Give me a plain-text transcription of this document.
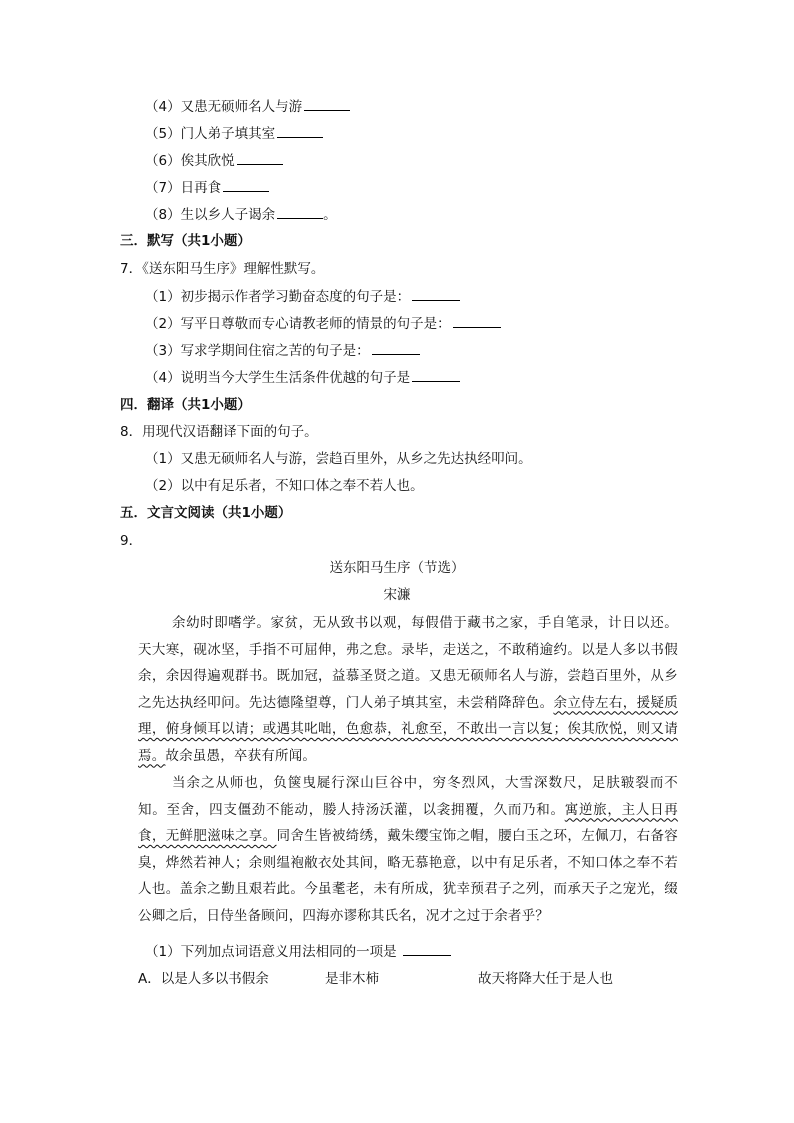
（4）又患无硕师名人与游
（5）门人弟子填其室
（6）俟其欣悦
（7）日再食
（8）生以乡人子谒余	。
三．默写（共1小题）
7．《送东阳马生序》理解性默写。
（1）初步揭示作者学习勤奋态度的句子是：
（2）写平日尊敬而专心请教老师的情景的句子是：
（3）写求学期间住宿之苦的句子是：
（4）说明当今大学生生活条件优越的句子是
四．翻译（共1小题）
8．用现代汉语翻译下面的句子。
（1）又患无硕师名人与游，尝趋百里外，从乡之先达执经叩问。
（2）以中有足乐者，不知口体之奉不若人也。
五．文言文阅读（共1小题）
9．
送东阳马生序（节选）
宋濂
余幼时即嗜学。家贫，无从致书以观，每假借于藏书之家，手自笔录，计日以还。天大寒，砚冰坚，手指不可屈伸，弗之怠。录毕，走送之，不敢稍逾约。以是人多以书假余，余因得遍观群书。既加冠，益慕圣贤之道。又患无硕师名人与游，尝趋百里外，从乡之先达执经叩问。先达德隆望尊，门人弟子填其室，未尝稍降辞色。余立侍左右，援疑质理，俯身倾耳以请；或遇其叱咄，色愈恭，礼愈至，不敢出一言以复；俟其欣悦，则又请焉。故余虽愚，卒获有所闻。
当余之从师也，负箧曳屣行深山巨谷中，穷冬烈风，大雪深数尺，足肤皲裂而不知。至舍，四支僵劲不能动，媵人持汤沃灌，以衾拥覆，久而乃和。寓逆旅，主人日再食，无鲜肥滋味之享。同舍生皆被绮绣，戴朱缨宝饰之帽，腰白玉之环，左佩刀，右备容臭，烨然若神人；余则缊袍敝衣处其间，略无慕艳意，以中有足乐者，不知口体之奉不若人也。盖余之勤且艰若此。今虽耄老，未有所成，犹幸预君子之列，而承天子之宠光，缀公卿之后，日侍坐备顾问，四海亦谬称其氏名，况才之过于余者乎？
（1）下列加点词语意义用法相同的一项是
A．以是人多以书假余	是非木柿	故天将降大任于是人也
